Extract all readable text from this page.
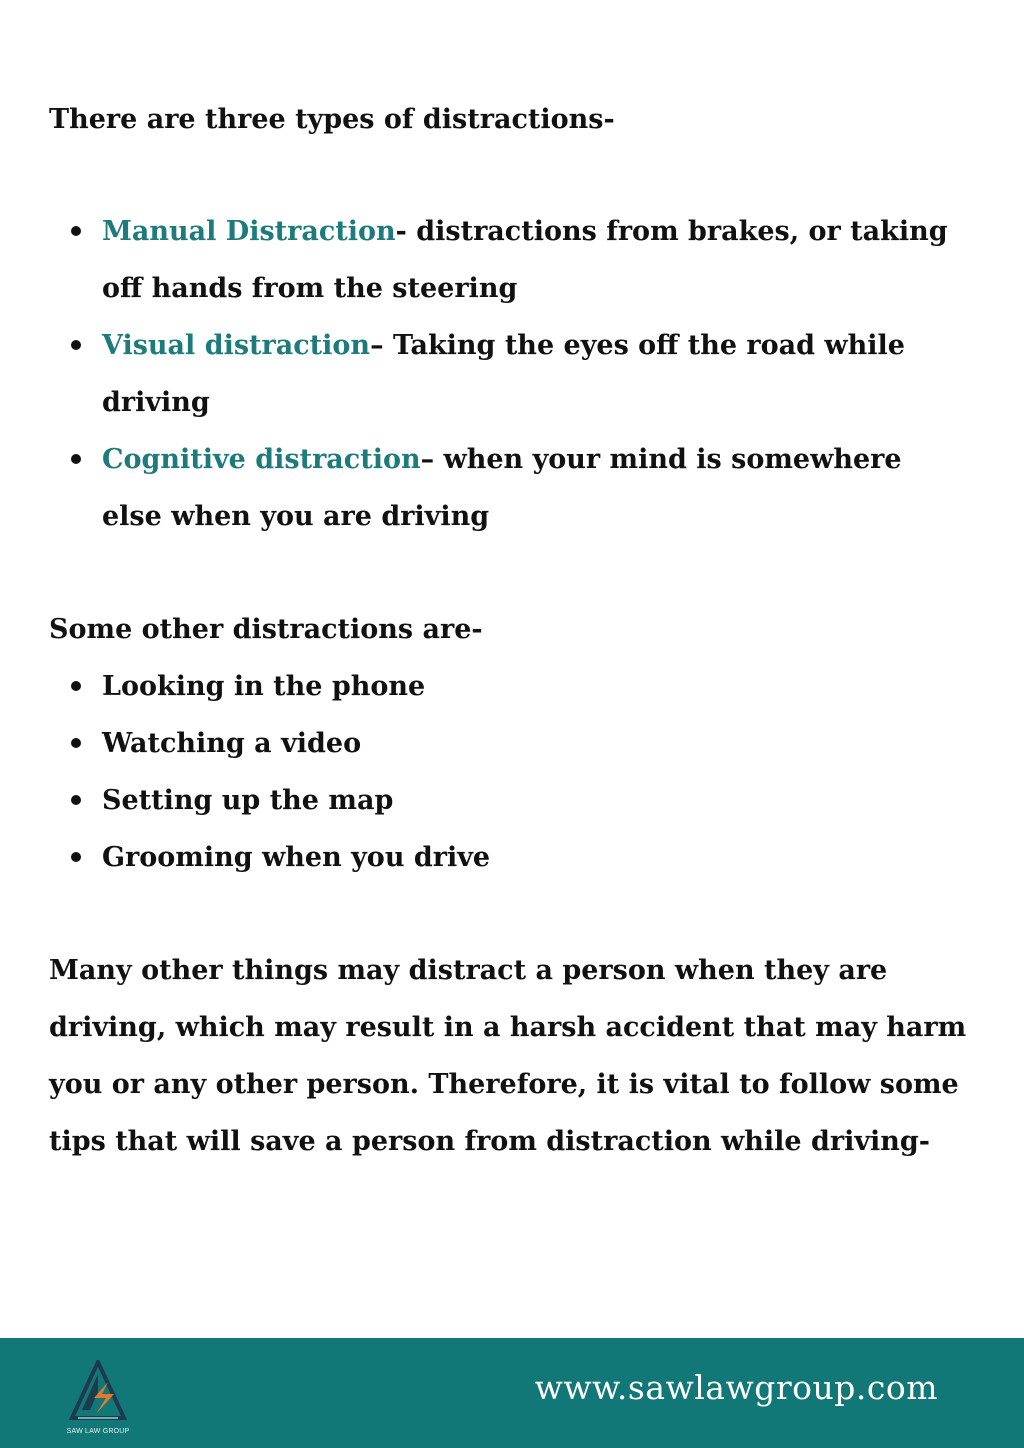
There are three types of distractions-

Manual Distraction- distractions from brakes, or taking off hands from the steering
Visual distraction– Taking the eyes off the road while driving
Cognitive distraction– when your mind is somewhere else when you are driving

Some other distractions are-

Looking in the phone
Watching a video
Setting up the map
Grooming when you drive

Many other things may distract a person when they are driving, which may result in a harsh accident that may harm you or any other person. Therefore, it is vital to follow some tips that will save a person from distraction while driving-

SAW LAW GROUP
www.sawlawgroup.com
